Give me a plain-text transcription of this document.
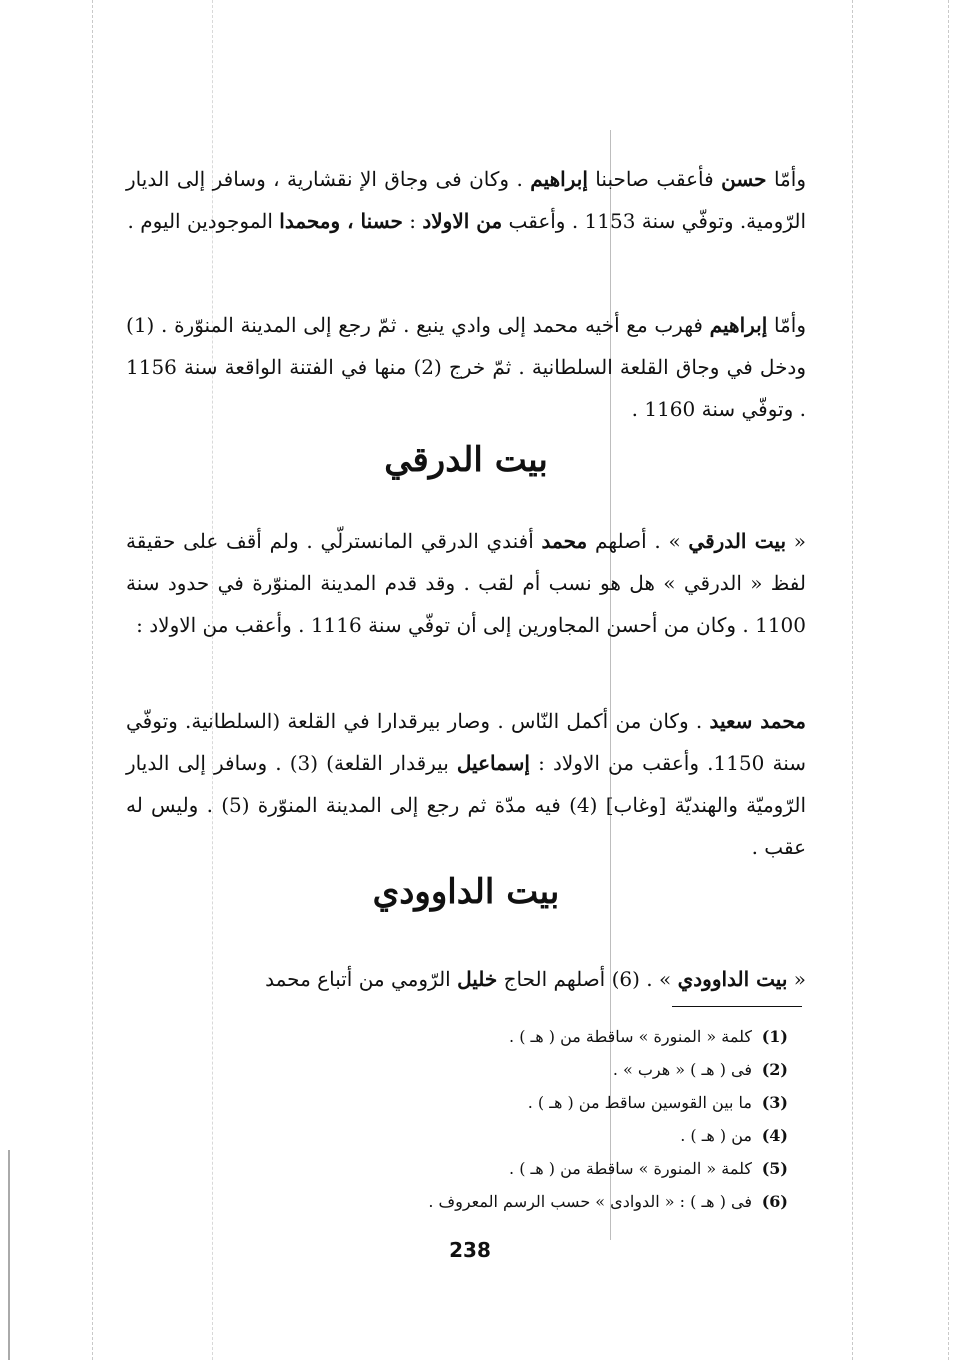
وأمّا حسن فأعقب صاحبنا إبراهيم . وكان فى وجاق الإ نقشارية ، وسافر إلى الديار الرّومية. وتوفّي سنة 1153 . وأعقب من الاولاد : حسنا ، ومحمدا الموجودين اليوم .

وأمّا إبراهيم فهرب مع أخيه محمد إلى وادي ينبع . ثمّ رجع إلى المدينة المنوّرة . (1) ودخل في وجاق القلعة السلطانية . ثمّ خرج (2) منها في الفتنة الواقعة سنة 1156 . وتوفّي سنة 1160 .

بيت الدرقي

« بيت الدرقي » . أصلهم محمد أفندي الدرقي المانسترلّي . ولم أقف على حقيقة لفظ « الدرقي » هل هو نسب أم لقب . وقد قدم المدينة المنوّرة في حدود سنة 1100 . وكان من أحسن المجاورين إلى أن توفّي سنة 1116 . وأعقب من الاولاد :

محمد سعيد . وكان من أكمل النّاس . وصار بيرقدارا في القلعة (السلطانية. وتوفّي سنة 1150. وأعقب من الاولاد : إسماعيل بيرقدار القلعة) (3) . وسافر إلى الديار الرّوميّة والهنديّة [وغاب] (4) فيه مدّة ثم رجع إلى المدينة المنوّرة (5) . وليس له عقب .

بيت الداوودي

« بيت الداوودي » . (6) أصلهم الحاج خليل الرّومي من أتباع محمد

(1)كلمة « المنورة » ساقطة من ( هـ ) .
(2)فى ( هـ ) « هرب » .
(3)ما بين القوسين ساقط من ( هـ ) .
(4)من ( هـ ) .
(5)كلمة « المنورة » ساقطة من ( هـ ) .
(6)فى ( هـ ) : « الدوادى » حسب الرسم المعروف .
238
